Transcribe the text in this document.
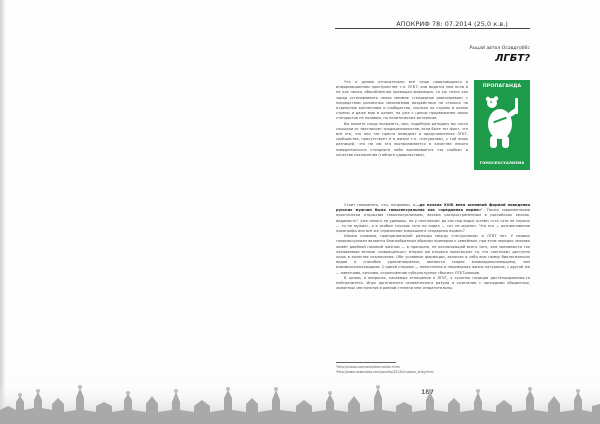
АПОКРИФ 78: 07.2014 (25,0 к.в.)
Рыцай автол Осавдгоббс
ЛГБТ?

Что я думаю относительно всё чаще появляющихся в информационном пространстве т.н. ЛГБТ: они видятся мне если и не как некая, обособленная правящая формация, то уж точно как заряд устанавливать некое мнимое «гендерное равноправие» с посредством различных механизмов воздействия не столько на отдельные коллективы и сообщества, сколько на страны и целые страны и даже мир в целом, но уже с целью продвижения своих стандартов не половых, но политических интересов.

Вы можете сходу возразить, мол, подобную риторику вы часто слышали от «ватников» традиционалистов, если быте тот факт, что всё это, что они так просто немедлят в представителях ЛГБТ-сообщества, присутствует и в жизни т.н. «натуралов», с той лишь разницей, что ни им это воспринимается в качестве некого поведенческого стандарта либо высмеивается «за скобки» в качестве исключения (тайного удовольствия).

ПРОПАГАНДА
ГОМОСЕКСУАЛИЗМА

Стоит напомнить, что, например, «...до начала XVIII века основной формой поведения русских мужчин была гомосексуальная как «преданная норма»¹. Также современными практически открытым гомосексуализмом, весьма распространённым в российских кельях, видимость¹, уже никого не удивишь, но у «ватников» до сих пор видит штамп «что «это не служил — то не мужик», а в особых случаях «кто не сидел — тот не мужик». Что это — возникновение параграфа или всё же «признание вчерашнего гендерная норма»?

Иными словами, принципиальной разницы между «натуралами» и ЛГБТ нет. У первых гомосексуализм является благообразным образом примером к семейным, при этом нередко человек живёт двойной половой жизнью — в принципе, не исключающей всего того, чем занимаются так называемые вечные «извращенцы»; вторые же открыто практикуют то, что «ватники» доступно лишь в качестве исключения. Обе условные формации, включая в себя всю гамму биологических видов и способов удовлетворения, являются скорее взаимодополняющими, чем взаимоисключающими. С одной стороны — монотонная и лицемерная жизнь натуралов, с другой же — навязчиво, кичливо, ограниченное субкультурное «бытие» ЛГБТшников.

В целом, я вопросах, касаемых отношения к ЛГБТ, я склонна позиции дистанцирования-то нейтралитета. Игры органичного человеческого разума в сочетании с причудами обыденных, животных инстинктов в равной степени мне отвратительны.

¹http://znaxo.com/sexx/zlenruction.html
²http://www.newsrubio.com/society/20120/russian_army.html
